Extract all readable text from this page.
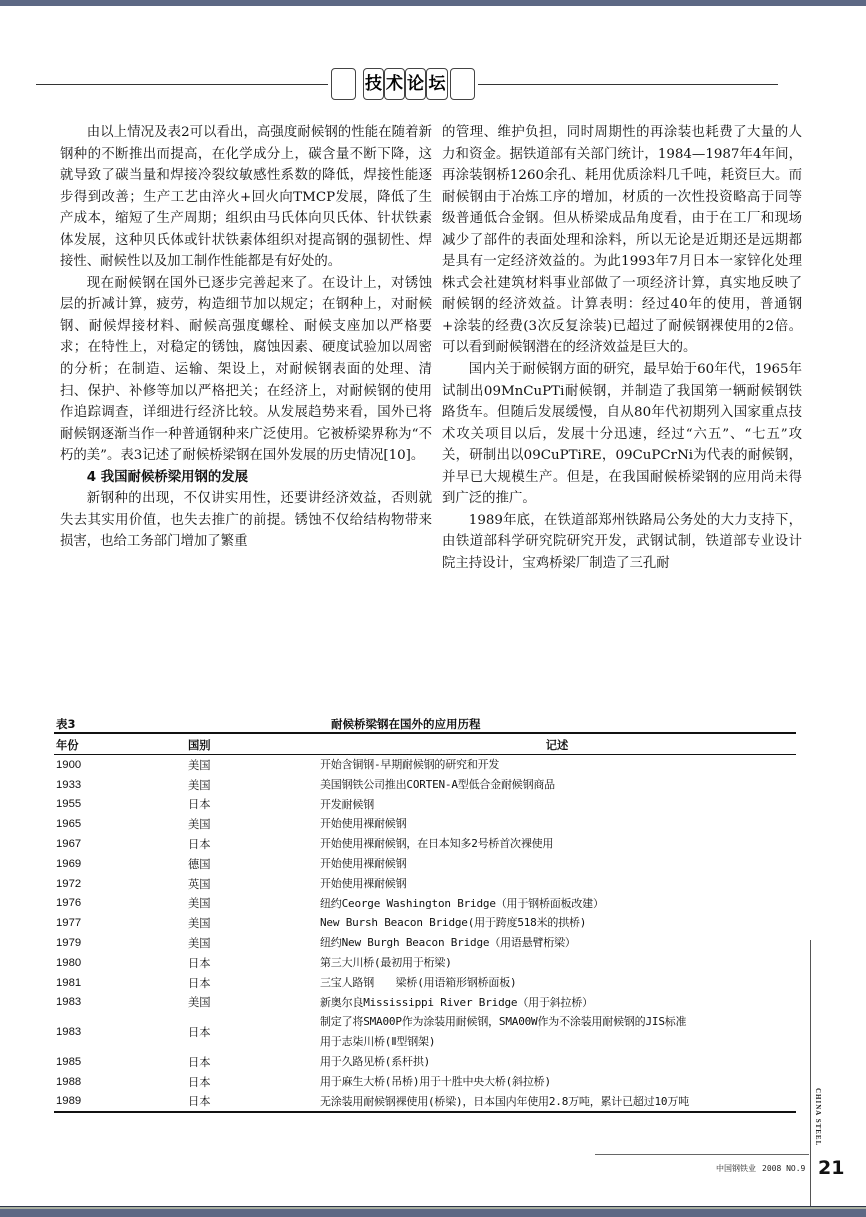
技 术 论 坛

由以上情况及表2可以看出，高强度耐候钢的性能在随着新钢种的不断推出而提高，在化学成分上，碳含量不断下降，这就导致了碳当量和焊接冷裂纹敏感性系数的降低，焊接性能逐步得到改善；生产工艺由淬火+回火向TMCP发展，降低了生产成本，缩短了生产周期；组织由马氏体向贝氏体、针状铁素体发展，这种贝氏体或针状铁素体组织对提高钢的强韧性、焊接性、耐候性以及加工制作性能都是有好处的。

现在耐候钢在国外已逐步完善起来了。在设计上，对锈蚀层的折减计算，疲劳，构造细节加以规定；在钢种上，对耐候钢、耐候焊接材料、耐候高强度螺栓、耐候支座加以严格要求；在特性上，对稳定的锈蚀，腐蚀因素、硬度试验加以周密的分析；在制造、运输、架设上，对耐候钢表面的处理、清扫、保护、补修等加以严格把关；在经济上，对耐候钢的使用作追踪调查，详细进行经济比较。从发展趋势来看，国外已将耐候钢逐渐当作一种普通钢种来广泛使用。它被桥梁界称为“不朽的美”。表3记述了耐候桥梁钢在国外发展的历史情况[10]。

4 我国耐候桥梁用钢的发展

新钢种的出现，不仅讲实用性，还要讲经济效益，否则就失去其实用价值，也失去推广的前提。锈蚀不仅给结构物带来损害，也给工务部门增加了繁重

的管理、维护负担，同时周期性的再涂装也耗费了大量的人力和资金。据铁道部有关部门统计，1984—1987年4年间，再涂装钢桥1260余孔、耗用优质涂料几千吨，耗资巨大。而耐候钢由于冶炼工序的增加，材质的一次性投资略高于同等级普通低合金钢。但从桥梁成品角度看，由于在工厂和现场减少了部件的表面处理和涂料，所以无论是近期还是远期都是具有一定经济效益的。为此1993年7月日本一家锌化处理株式会社建筑材料事业部做了一项经济计算，真实地反映了耐候钢的经济效益。计算表明：经过40年的使用，普通钢+涂装的经费(3次反复涂装)已超过了耐候钢裸使用的2倍。可以看到耐候钢潜在的经济效益是巨大的。

国内关于耐候钢方面的研究，最早始于60年代，1965年试制出09MnCuPTi耐候钢，并制造了我国第一辆耐候钢铁路货车。但随后发展缓慢，自从80年代初期列入国家重点技术攻关项目以后，发展十分迅速，经过“六五”、“七五”攻关，研制出以09CuPTiRE，09CuPCrNi为代表的耐候钢，并早已大规模生产。但是，在我国耐候桥梁钢的应用尚未得到广泛的推广。

1989年底，在铁道部郑州铁路局公务处的大力支持下，由铁道部科学研究院研究开发，武钢试制，铁道部专业设计院主持设计，宝鸡桥梁厂制造了三孔耐

表3	耐候桥梁钢在国外的应用历程
年份	国别	记述
1900	美国	开始含铜钢-早期耐候钢的研究和开发
1933	美国	美国钢铁公司推出CORTEN-A型低合金耐候钢商品
1955	日本	开发耐候钢
1965	美国	开始使用裸耐候钢
1967	日本	开始使用裸耐候钢，在日本知多2号桥首次裸使用
1969	德国	开始使用裸耐候钢
1972	英国	开始使用裸耐候钢
1976	美国	纽约Ceorge Washington Bridge（用于钢桥面板改建）
1977	美国	New Bursh Beacon Bridge(用于跨度518米的拱桥)
1979	美国	纽约New Burgh Beacon Bridge（用语悬臂桁梁）
1980	日本	第三大川桥(最初用于桁梁)
1981	日本	三宝人路钢　　梁桥(用语箱形钢桥面板)
1983	美国	新奥尔良Mississippi River Bridge（用于斜拉桥）
1983	日本	制定了将SMA00P作为涂装用耐候钢，SMA00W作为不涂装用耐候钢的JIS标准
用于志柒川桥(Ⅱ型钢架)

1985	日本	用于久路见桥(系杆拱)
1988	日本	用于麻生大桥(吊桥)用于十胜中央大桥(斜拉桥)
1989	日本	无涂装用耐候钢裸使用(桥梁)，日本国内年使用2.8万吨，累计已超过10万吨	CHINA STEEL
中国钢铁业 2008 NO.9 21
